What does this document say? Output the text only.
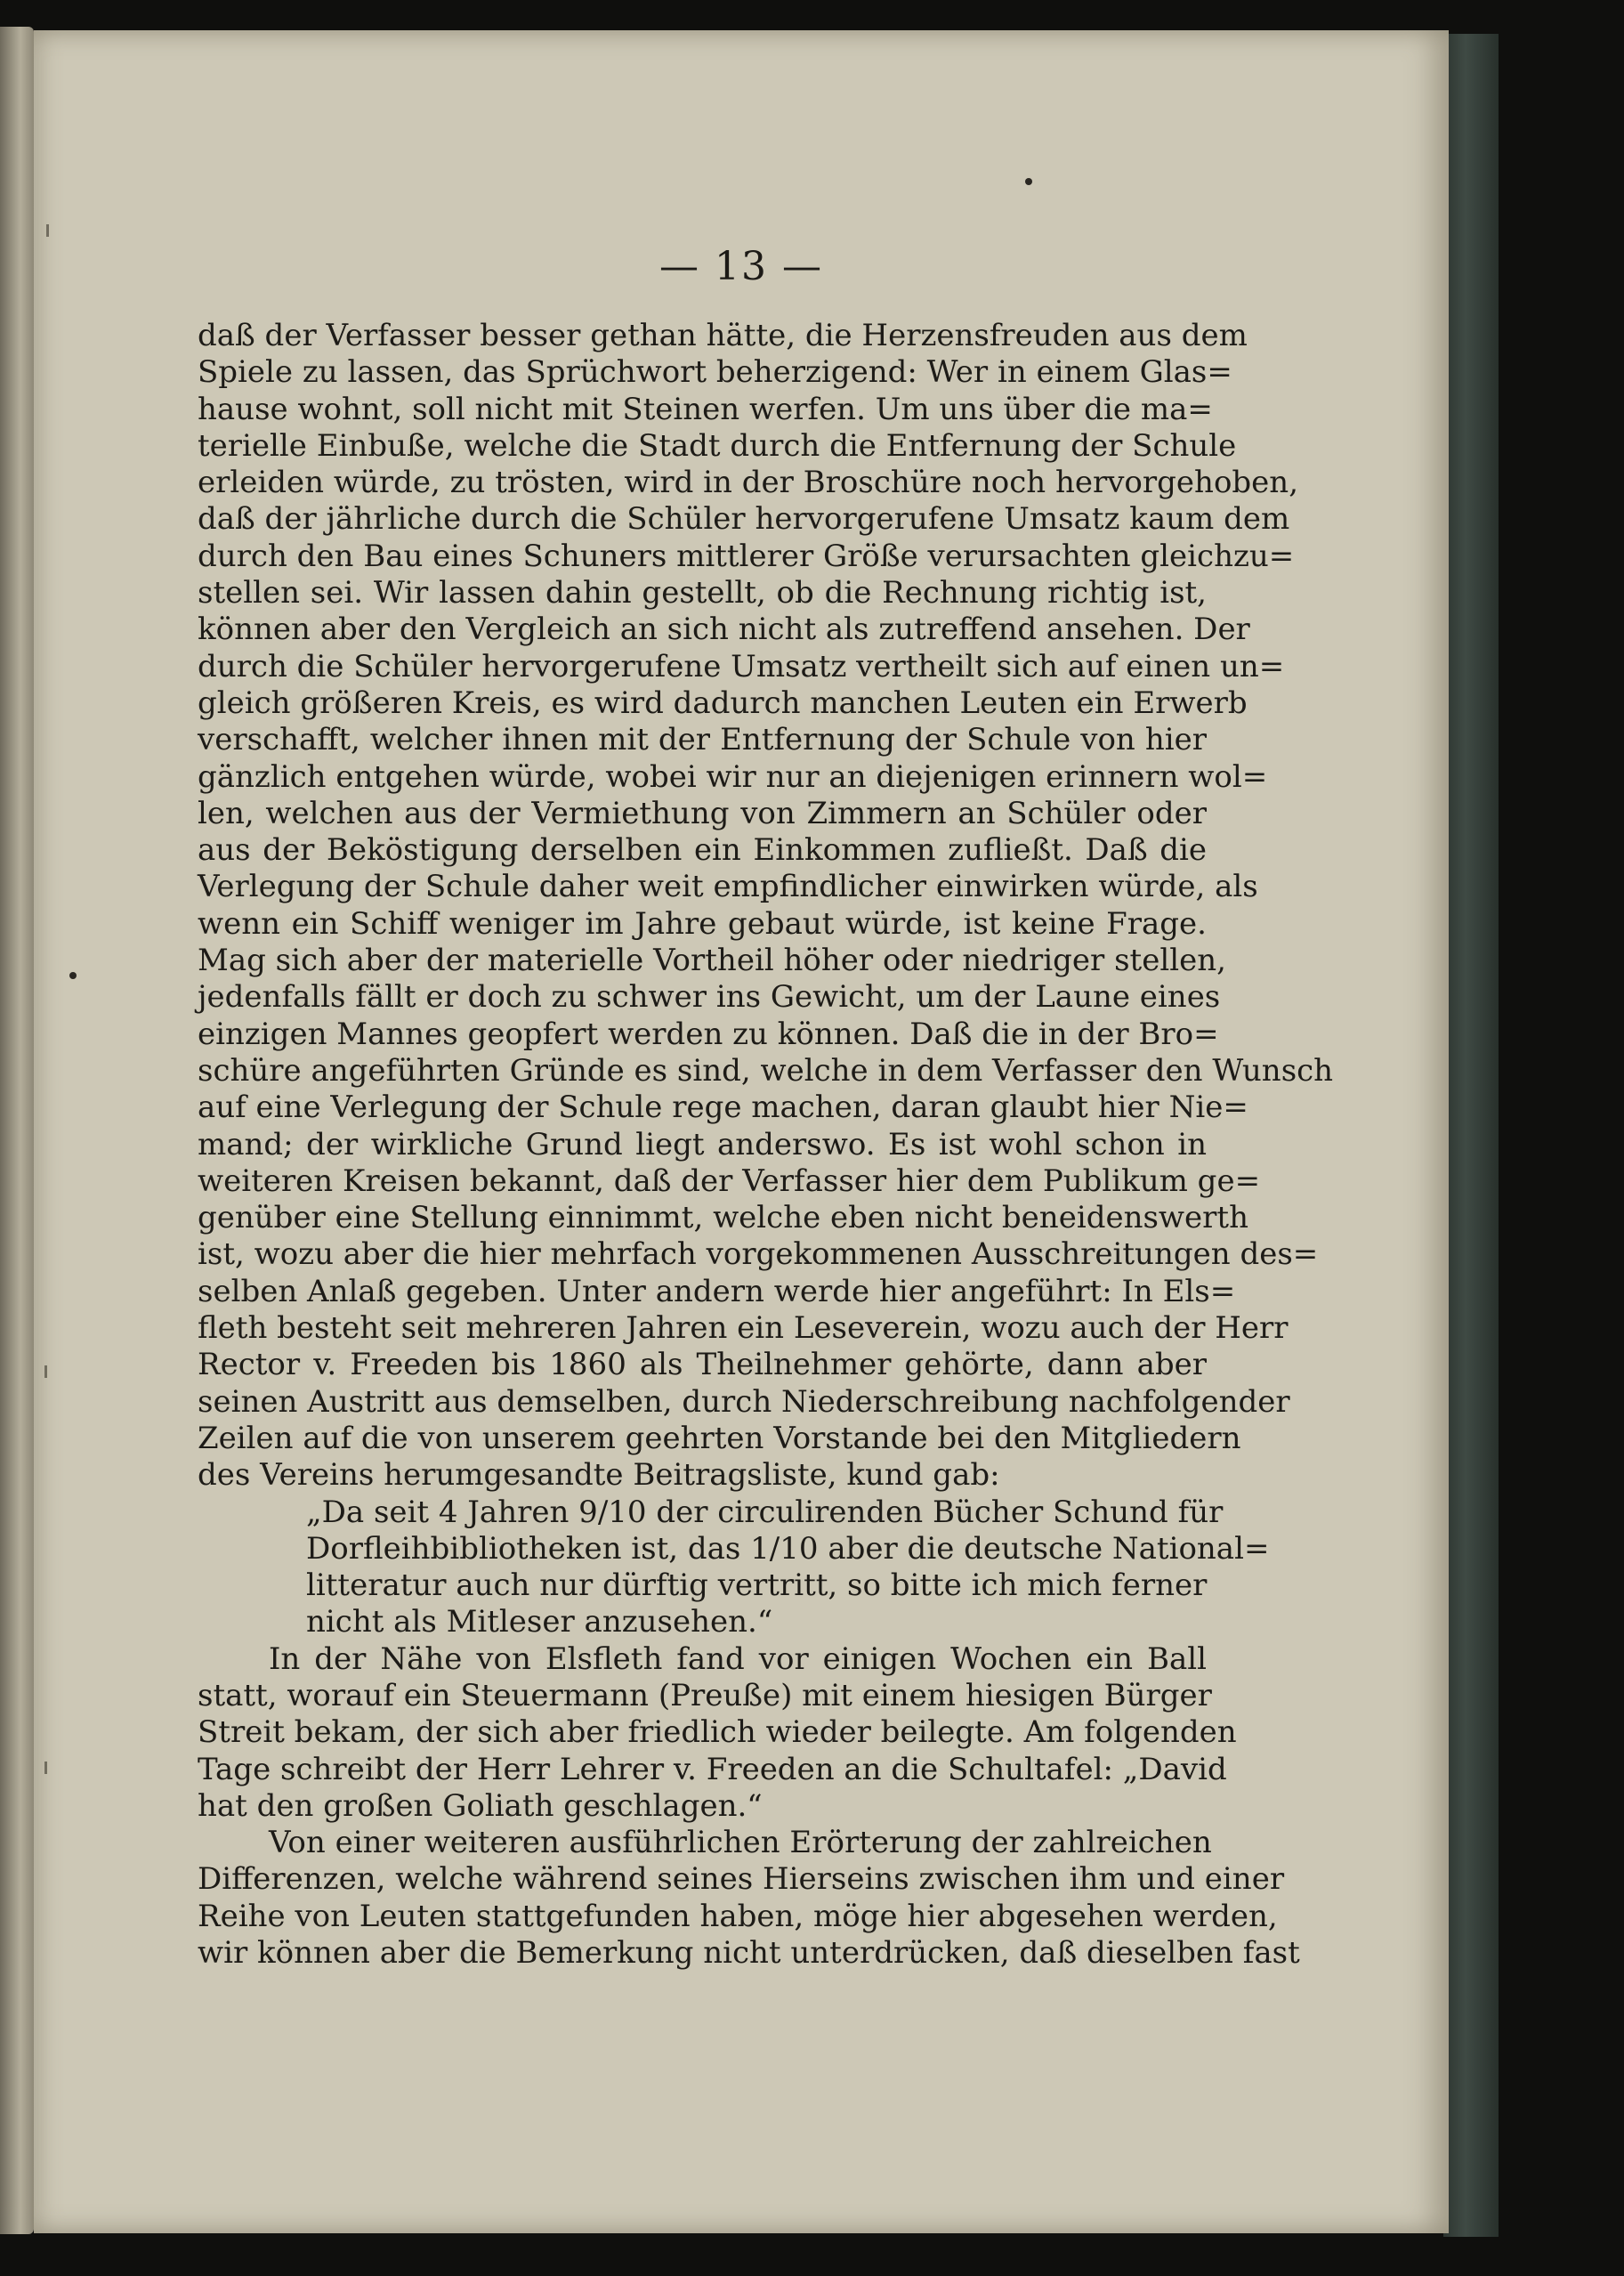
— 13 —
daß der Verfasser besser gethan hätte, die Herzensfreuden aus dem
Spiele zu lassen, das Sprüchwort beherzigend: Wer in einem Glas=
hause wohnt, soll nicht mit Steinen werfen. Um uns über die ma=
terielle Einbuße, welche die Stadt durch die Entfernung der Schule
erleiden würde, zu trösten, wird in der Broschüre noch hervorgehoben,
daß der jährliche durch die Schüler hervorgerufene Umsatz kaum dem
durch den Bau eines Schuners mittlerer Größe verursachten gleichzu=
stellen sei. Wir lassen dahin gestellt, ob die Rechnung richtig ist,
können aber den Vergleich an sich nicht als zutreffend ansehen. Der
durch die Schüler hervorgerufene Umsatz vertheilt sich auf einen un=
gleich größeren Kreis, es wird dadurch manchen Leuten ein Erwerb
verschafft, welcher ihnen mit der Entfernung der Schule von hier
gänzlich entgehen würde, wobei wir nur an diejenigen erinnern wol=
len, welchen aus der Vermiethung von Zimmern an Schüler oder
aus der Beköstigung derselben ein Einkommen zufließt. Daß die
Verlegung der Schule daher weit empfindlicher einwirken würde, als
wenn ein Schiff weniger im Jahre gebaut würde, ist keine Frage.
Mag sich aber der materielle Vortheil höher oder niedriger stellen,
jedenfalls fällt er doch zu schwer ins Gewicht, um der Laune eines
einzigen Mannes geopfert werden zu können. Daß die in der Bro=
schüre angeführten Gründe es sind, welche in dem Verfasser den Wunsch
auf eine Verlegung der Schule rege machen, daran glaubt hier Nie=
mand; der wirkliche Grund liegt anderswo. Es ist wohl schon in
weiteren Kreisen bekannt, daß der Verfasser hier dem Publikum ge=
genüber eine Stellung einnimmt, welche eben nicht beneidenswerth
ist, wozu aber die hier mehrfach vorgekommenen Ausschreitungen des=
selben Anlaß gegeben. Unter andern werde hier angeführt: In Els=
fleth besteht seit mehreren Jahren ein Leseverein, wozu auch der Herr
Rector v. Freeden bis 1860 als Theilnehmer gehörte, dann aber
seinen Austritt aus demselben, durch Niederschreibung nachfolgender
Zeilen auf die von unserem geehrten Vorstande bei den Mitgliedern
des Vereins herumgesandte Beitragsliste, kund gab:
„Da seit 4 Jahren 9/10 der circulirenden Bücher Schund für
Dorfleihbibliotheken ist, das 1/10 aber die deutsche National=
litteratur auch nur dürftig vertritt, so bitte ich mich ferner
nicht als Mitleser anzusehen.“
In der Nähe von Elsfleth fand vor einigen Wochen ein Ball
statt, worauf ein Steuermann (Preuße) mit einem hiesigen Bürger
Streit bekam, der sich aber friedlich wieder beilegte. Am folgenden
Tage schreibt der Herr Lehrer v. Freeden an die Schultafel: „David
hat den großen Goliath geschlagen.“
Von einer weiteren ausführlichen Erörterung der zahlreichen
Differenzen, welche während seines Hierseins zwischen ihm und einer
Reihe von Leuten stattgefunden haben, möge hier abgesehen werden,
wir können aber die Bemerkung nicht unterdrücken, daß dieselben fast
